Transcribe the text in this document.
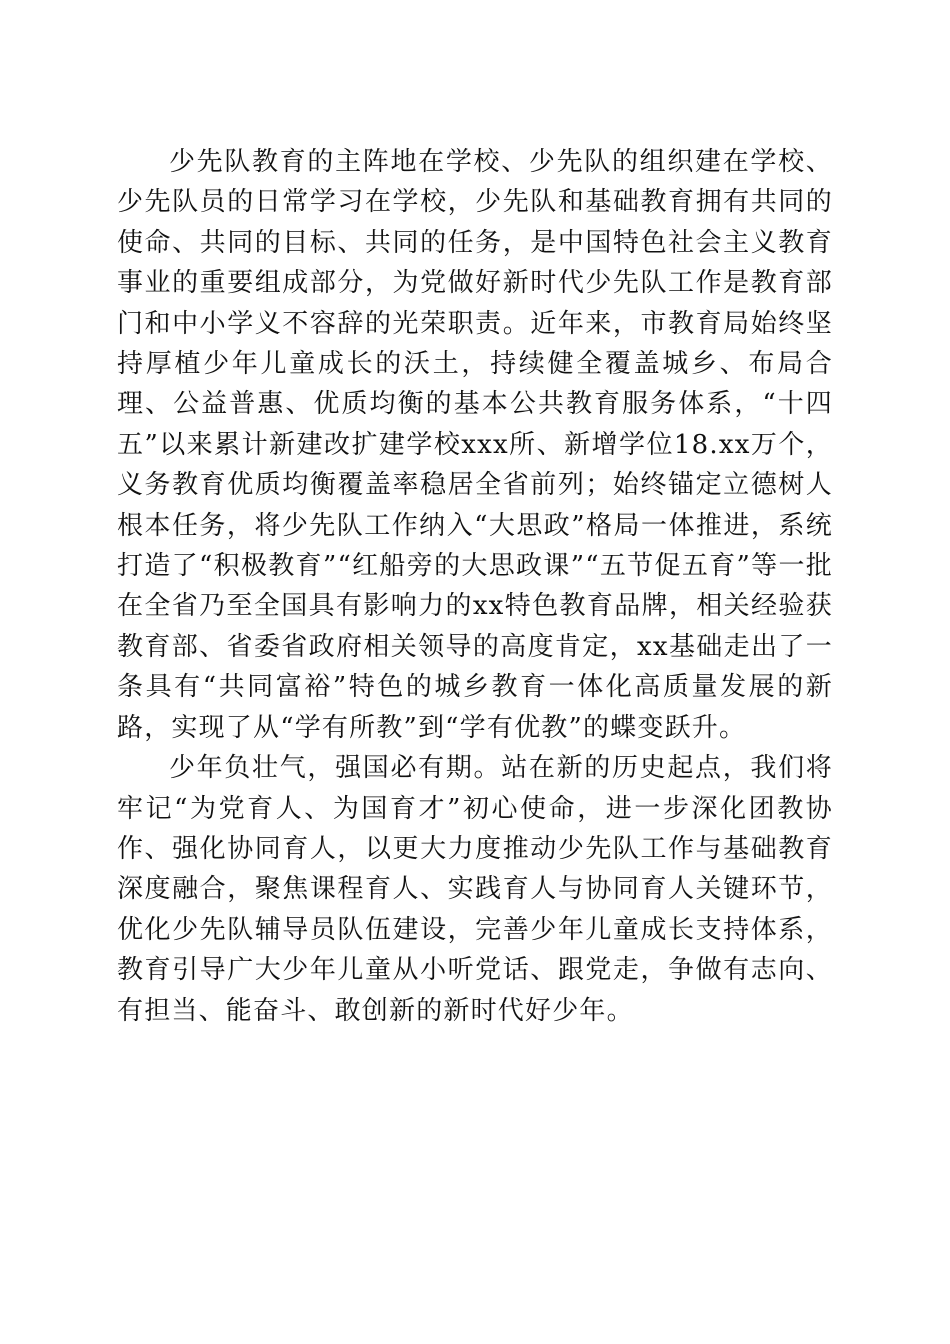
少先队教育的主阵地在学校、少先队的组织建在学校、少先队员的日常学习在学校，少先队和基础教育拥有共同的使命、共同的目标、共同的任务，是中国特色社会主义教育事业的重要组成部分，为党做好新时代少先队工作是教育部门和中小学义不容辞的光荣职责。近年来，市教育局始终坚持厚植少年儿童成长的沃土，持续健全覆盖城乡、布局合理、公益普惠、优质均衡的基本公共教育服务体系，“十四五”以来累计新建改扩建学校xxx所、新增学位18.xx万个，义务教育优质均衡覆盖率稳居全省前列；始终锚定立德树人根本任务，将少先队工作纳入“大思政”格局一体推进，系统打造了“积极教育”“红船旁的大思政课”“五节促五育”等一批在全省乃至全国具有影响力的xx特色教育品牌，相关经验获教育部、省委省政府相关领导的高度肯定，xx基础走出了一条具有“共同富裕”特色的城乡教育一体化高质量发展的新路，实现了从“学有所教”到“学有优教”的蝶变跃升。

少年负壮气，强国必有期。站在新的历史起点，我们将牢记“为党育人、为国育才”初心使命，进一步深化团教协作、强化协同育人，以更大力度推动少先队工作与基础教育深度融合，聚焦课程育人、实践育人与协同育人关键环节，优化少先队辅导员队伍建设，完善少年儿童成长支持体系，教育引导广大少年儿童从小听党话、跟党走，争做有志向、有担当、能奋斗、敢创新的新时代好少年。
